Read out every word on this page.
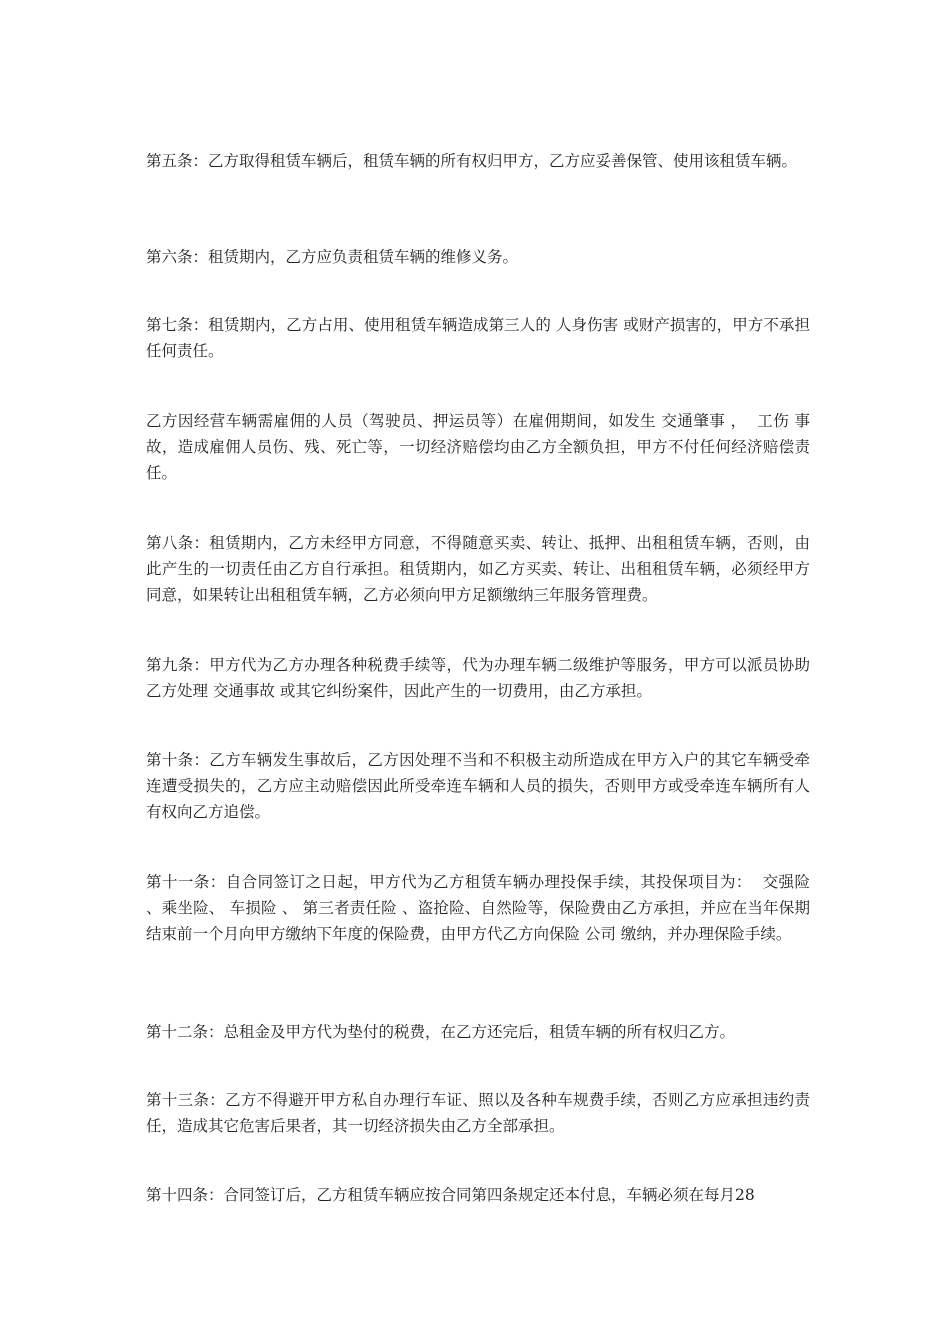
第五条：乙方取得租赁车辆后，租赁车辆的所有权归甲方，乙方应妥善保管、使用该租赁车辆。

第六条：租赁期内，乙方应负责租赁车辆的维修义务。

第七条：租赁期内，乙方占用、使用租赁车辆造成第三人的 人身伤害 或财产损害的，甲方不承担任何责任。

乙方因经营车辆需雇佣的人员（驾驶员、押运员等）在雇佣期间，如发生 交通肇事 ，  工伤 事故，造成雇佣人员伤、残、死亡等，一切经济赔偿均由乙方全额负担，甲方不付任何经济赔偿责任。

第八条：租赁期内，乙方未经甲方同意，不得随意买卖、转让、抵押、出租租赁车辆，否则，由此产生的一切责任由乙方自行承担。租赁期内，如乙方买卖、转让、出租租赁车辆，必须经甲方同意，如果转让出租租赁车辆，乙方必须向甲方足额缴纳三年服务管理费。

第九条：甲方代为乙方办理各种税费手续等，代为办理车辆二级维护等服务，甲方可以派员协助乙方处理 交通事故 或其它纠纷案件，因此产生的一切费用，由乙方承担。

第十条：乙方车辆发生事故后，乙方因处理不当和不积极主动所造成在甲方入户的其它车辆受牵连遭受损失的，乙方应主动赔偿因此所受牵连车辆和人员的损失，否则甲方或受牵连车辆所有人有权向乙方追偿。

第十一条：自合同签订之日起，甲方代为乙方租赁车辆办理投保手续，其投保项目为：  交强险 、乘坐险、 车损险 、 第三者责任险 、盗抢险、自然险等，保险费由乙方承担，并应在当年保期结束前一个月向甲方缴纳下年度的保险费，由甲方代乙方向保险 公司 缴纳，并办理保险手续。

第十二条：总租金及甲方代为垫付的税费，在乙方还完后，租赁车辆的所有权归乙方。

第十三条：乙方不得避开甲方私自办理行车证、照以及各种车规费手续，否则乙方应承担违约责任，造成其它危害后果者，其一切经济损失由乙方全部承担。

第十四条：合同签订后，乙方租赁车辆应按合同第四条规定还本付息，车辆必须在每月28
